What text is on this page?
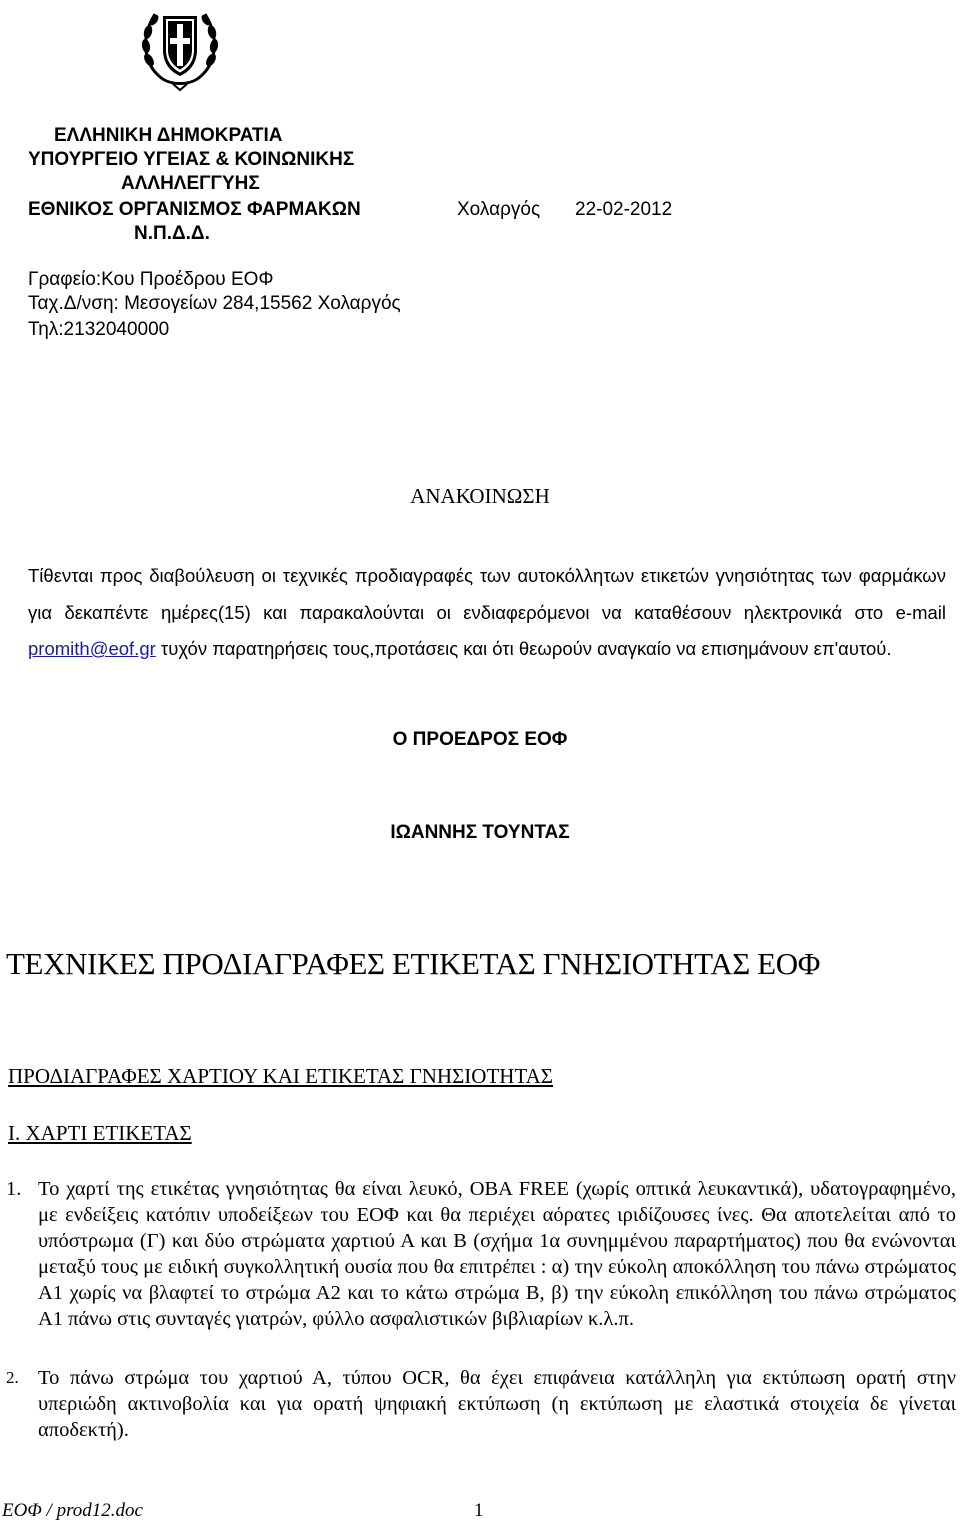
ΕΛΛΗΝΙΚΗ ΔΗΜΟΚΡΑΤΙΑ
ΥΠΟΥΡΓΕΙΟ ΥΓΕΙΑΣ & ΚΟΙΝΩΝΙΚΗΣ
ΑΛΛΗΛΕΓΓΥΗΣ
ΕΘΝΙΚΟΣ ΟΡΓΑΝΙΣΜΟΣ ΦΑΡΜΑΚΩΝ
Ν.Π.Δ.Δ.
Χολαργός 22-02-2012
Γραφείο:Κου Προέδρου ΕΟΦ
Ταχ.Δ/νση: Μεσογείων 284,15562 Χολαργός
Τηλ:2132040000
ΑΝΑΚΟΙΝΩΣΗ
Τίθενται προς διαβούλευση οι τεχνικές προδιαγραφές των αυτοκόλλητων ετικετών γνησιότητας των φαρμάκων για δεκαπέντε ημέρες(15) και παρακαλούνται οι ενδιαφερόμενοι να καταθέσουν ηλεκτρονικά στο e-mail promith@eof.gr τυχόν παρατηρήσεις τους,προτάσεις και ότι θεωρούν αναγκαίο να επισημάνουν επ'αυτού.
Ο ΠΡΟΕΔΡΟΣ ΕΟΦ
ΙΩΑΝΝΗΣ ΤΟΥΝΤΑΣ
ΤΕΧΝΙΚΕΣ ΠΡΟΔΙΑΓΡΑΦΕΣ ΕΤΙΚΕΤΑΣ ΓΝΗΣΙΟΤΗΤΑΣ ΕΟΦ
ΠΡΟΔΙΑΓΡΑΦΕΣ ΧΑΡΤΙΟΥ ΚΑΙ ΕΤΙΚΕΤΑΣ ΓΝΗΣΙΟΤΗΤΑΣ
Ι. ΧΑΡΤΙ ΕΤΙΚΕΤΑΣ
1. Το χαρτί της ετικέτας γνησιότητας θα είναι λευκό, OBA FREE (χωρίς οπτικά λευκαντικά), υδατογραφημένο, με ενδείξεις κατόπιν υποδείξεων του ΕΟΦ και θα περιέχει αόρατες ιριδίζουσες ίνες. Θα αποτελείται από το υπόστρωμα (Γ) και δύο στρώματα χαρτιού Α και Β (σχήμα 1α συνημμένου παραρτήματος) που θα ενώνονται μεταξύ τους με ειδική συγκολλητική ουσία που θα επιτρέπει : α) την εύκολη αποκόλληση του πάνω στρώματος Α1 χωρίς να βλαφτεί το στρώμα Α2 και το κάτω στρώμα Β, β) την εύκολη επικόλληση του πάνω στρώματος Α1 πάνω στις συνταγές γιατρών, φύλλο ασφαλιστικών βιβλιαρίων κ.λ.π.
2. Το πάνω στρώμα του χαρτιού Α, τύπου OCR, θα έχει επιφάνεια κατάλληλη για εκτύπωση ορατή στην υπεριώδη ακτινοβολία και για ορατή ψηφιακή εκτύπωση (η εκτύπωση με ελαστικά στοιχεία δε γίνεται αποδεκτή).
ΕΟΦ / prod12.doc	1
